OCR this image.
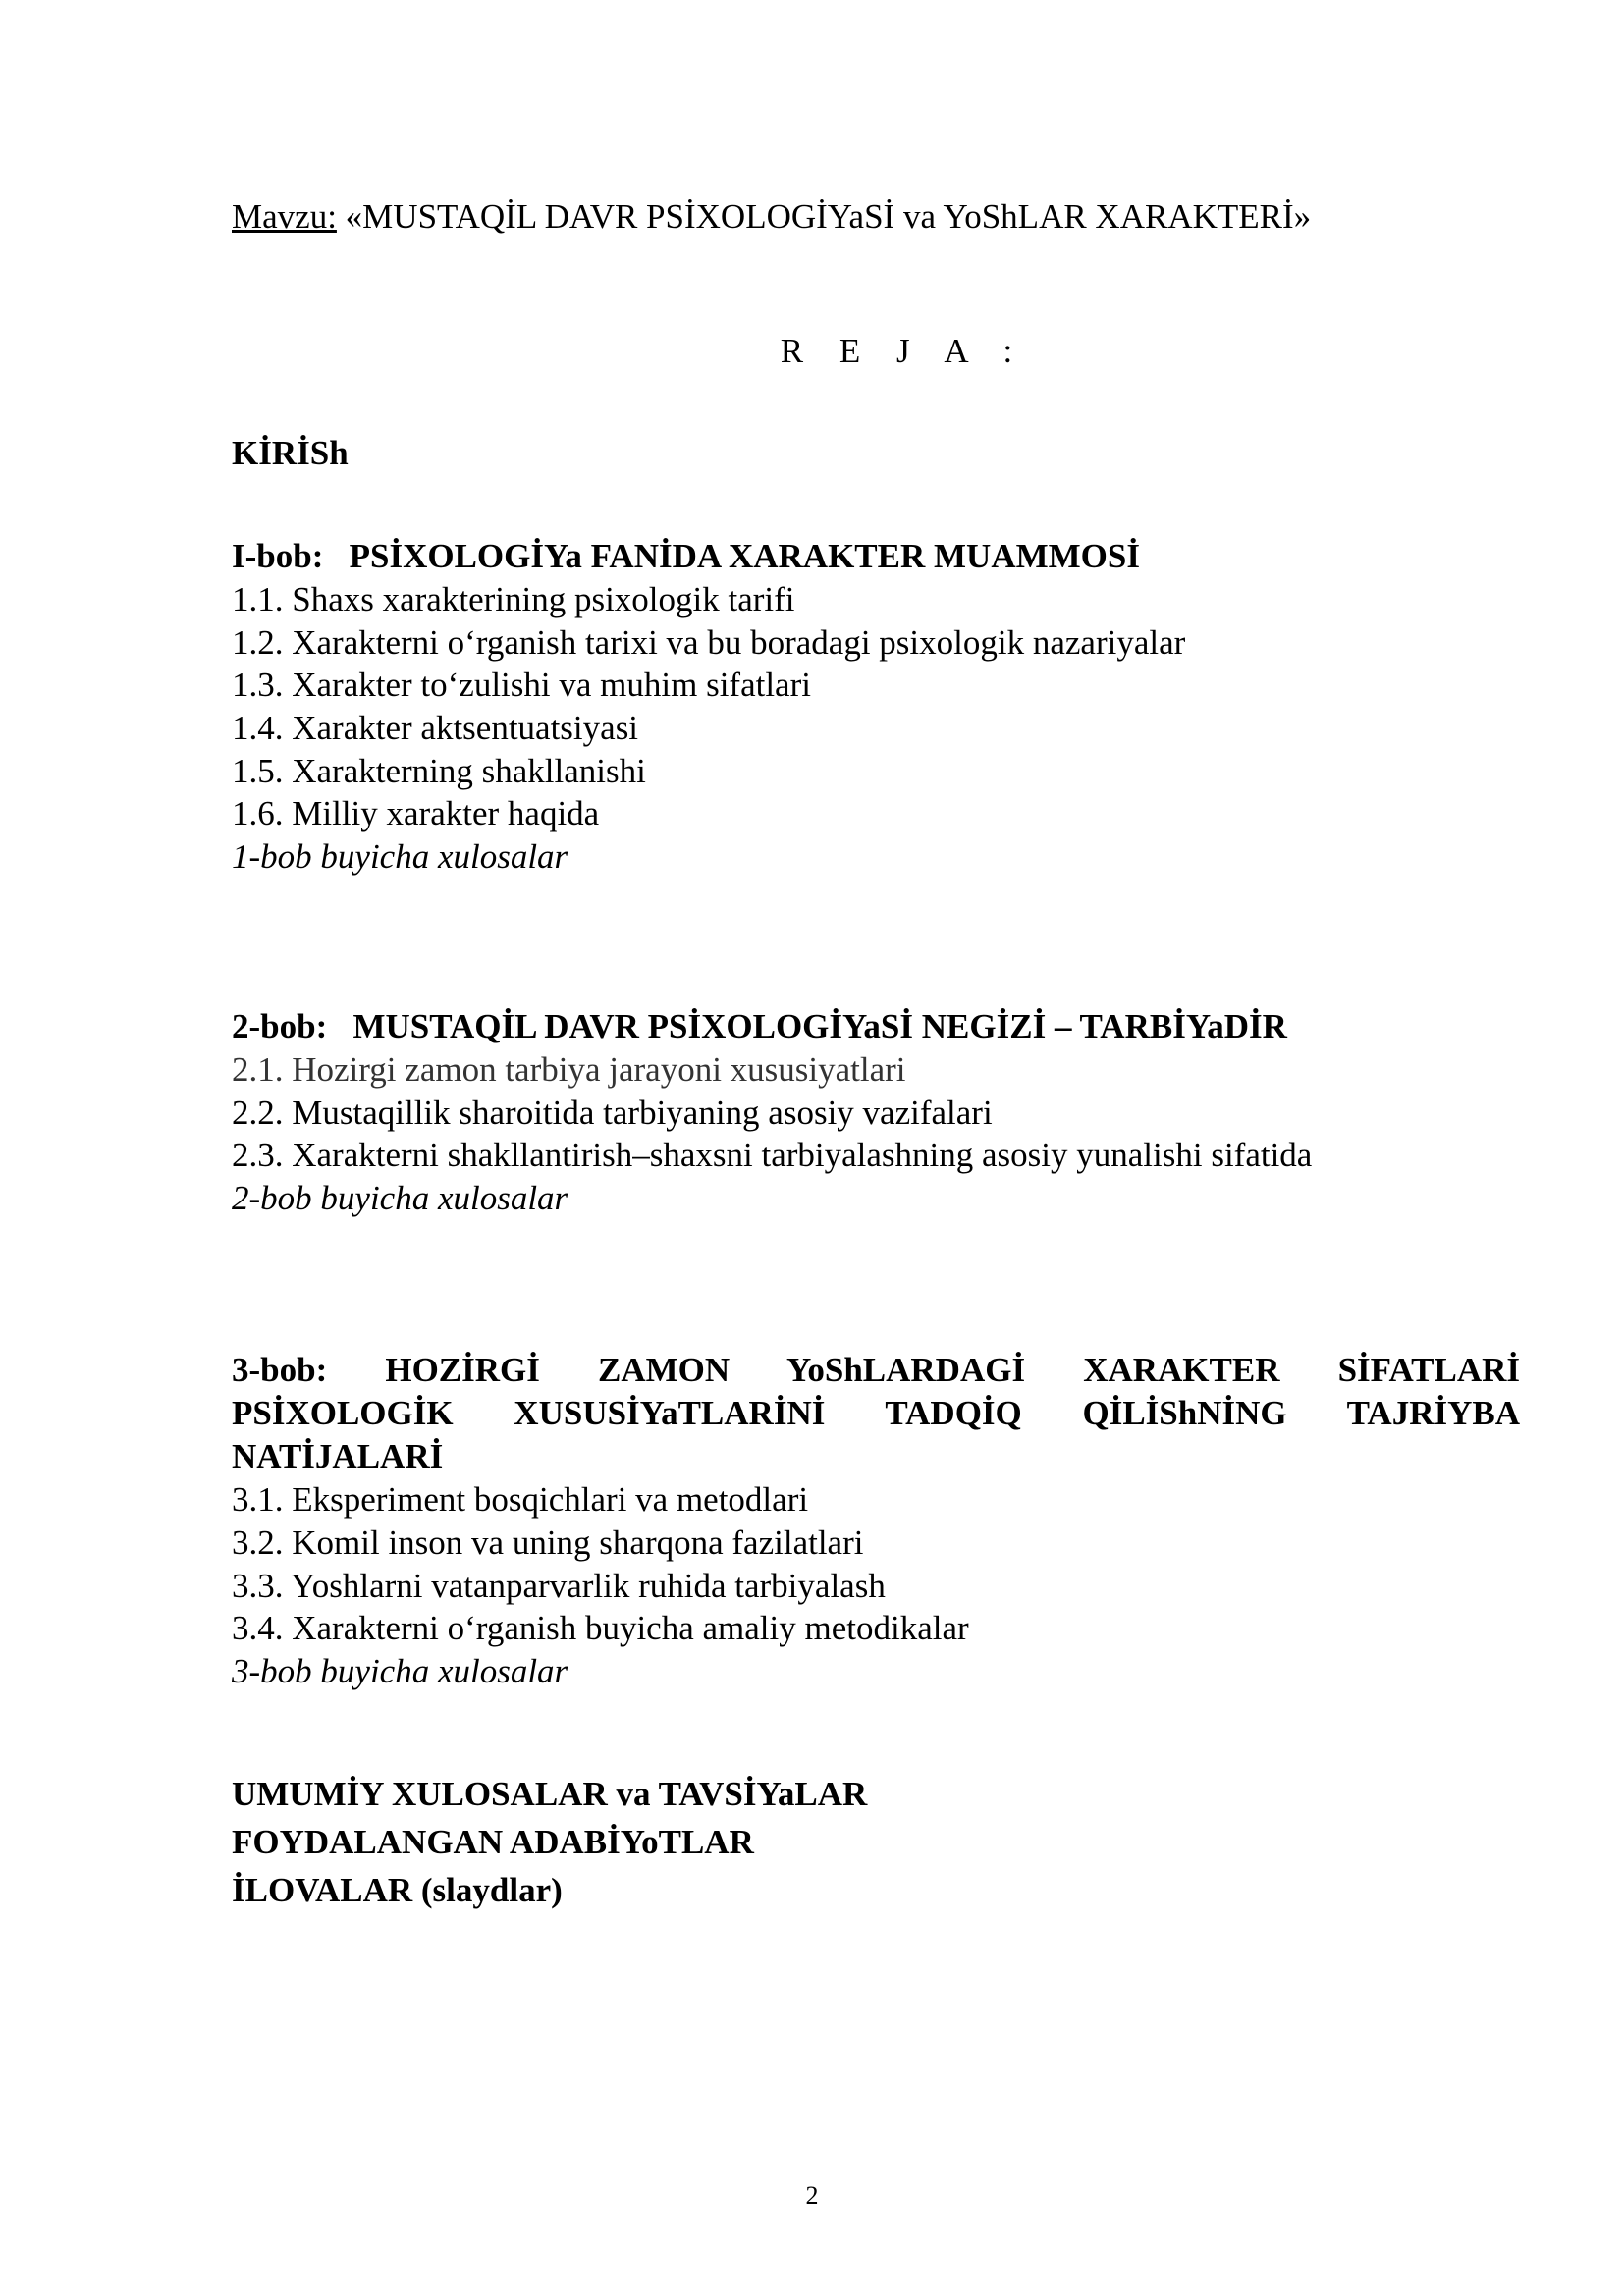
Mavzu: «MUSTAQİL DAVR PSİXOLOGİYaSİ va YoShLAR XARAKTERİ»
R E J A :
KİRİSh
I-bob: PSİXOLOGİYa FANİDA XARAKTER MUAMMOSİ
1.1. Shaxs xarakterining psixologik tarifi
1.2. Xarakterni oʻrganish tarixi va bu boradagi psixologik nazariyalar
1.3. Xarakter toʻzulishi va muhim sifatlari
1.4. Xarakter aktsentuatsiyasi
1.5. Xarakterning shakllanishi
1.6. Milliy xarakter haqida
1-bob buyicha xulosalar
2-bob: MUSTAQİL DAVR PSİXOLOGİYaSİ NEGİZİ – TARBİYaDİR
2.1. Hozirgi zamon tarbiya jarayoni xususiyatlari
2.2. Mustaqillik sharoitida tarbiyaning asosiy vazifalari
2.3. Xarakterni shakllantirish–shaxsni tarbiyalashning asosiy yunalishi sifatida
2-bob buyicha xulosalar
3-bob: HOZİRGİ ZAMON YoShLARDAGİ XARAKTER SİFATLARİ
PSİXOLOGİK XUSUSİYaTLARİNİ TADQİQ QİLİShNİNG TAJRİYBA
NATİJALARİ
3.1. Eksperiment bosqichlari va metodlari
3.2. Komil inson va uning sharqona fazilatlari
3.3. Yoshlarni vatanparvarlik ruhida tarbiyalash
3.4. Xarakterni oʻrganish buyicha amaliy metodikalar
3-bob buyicha xulosalar
UMUMİY XULOSALAR va TAVSİYaLAR
FOYDALANGAN ADABİYoTLAR
İLOVALAR (slaydlar)
2
